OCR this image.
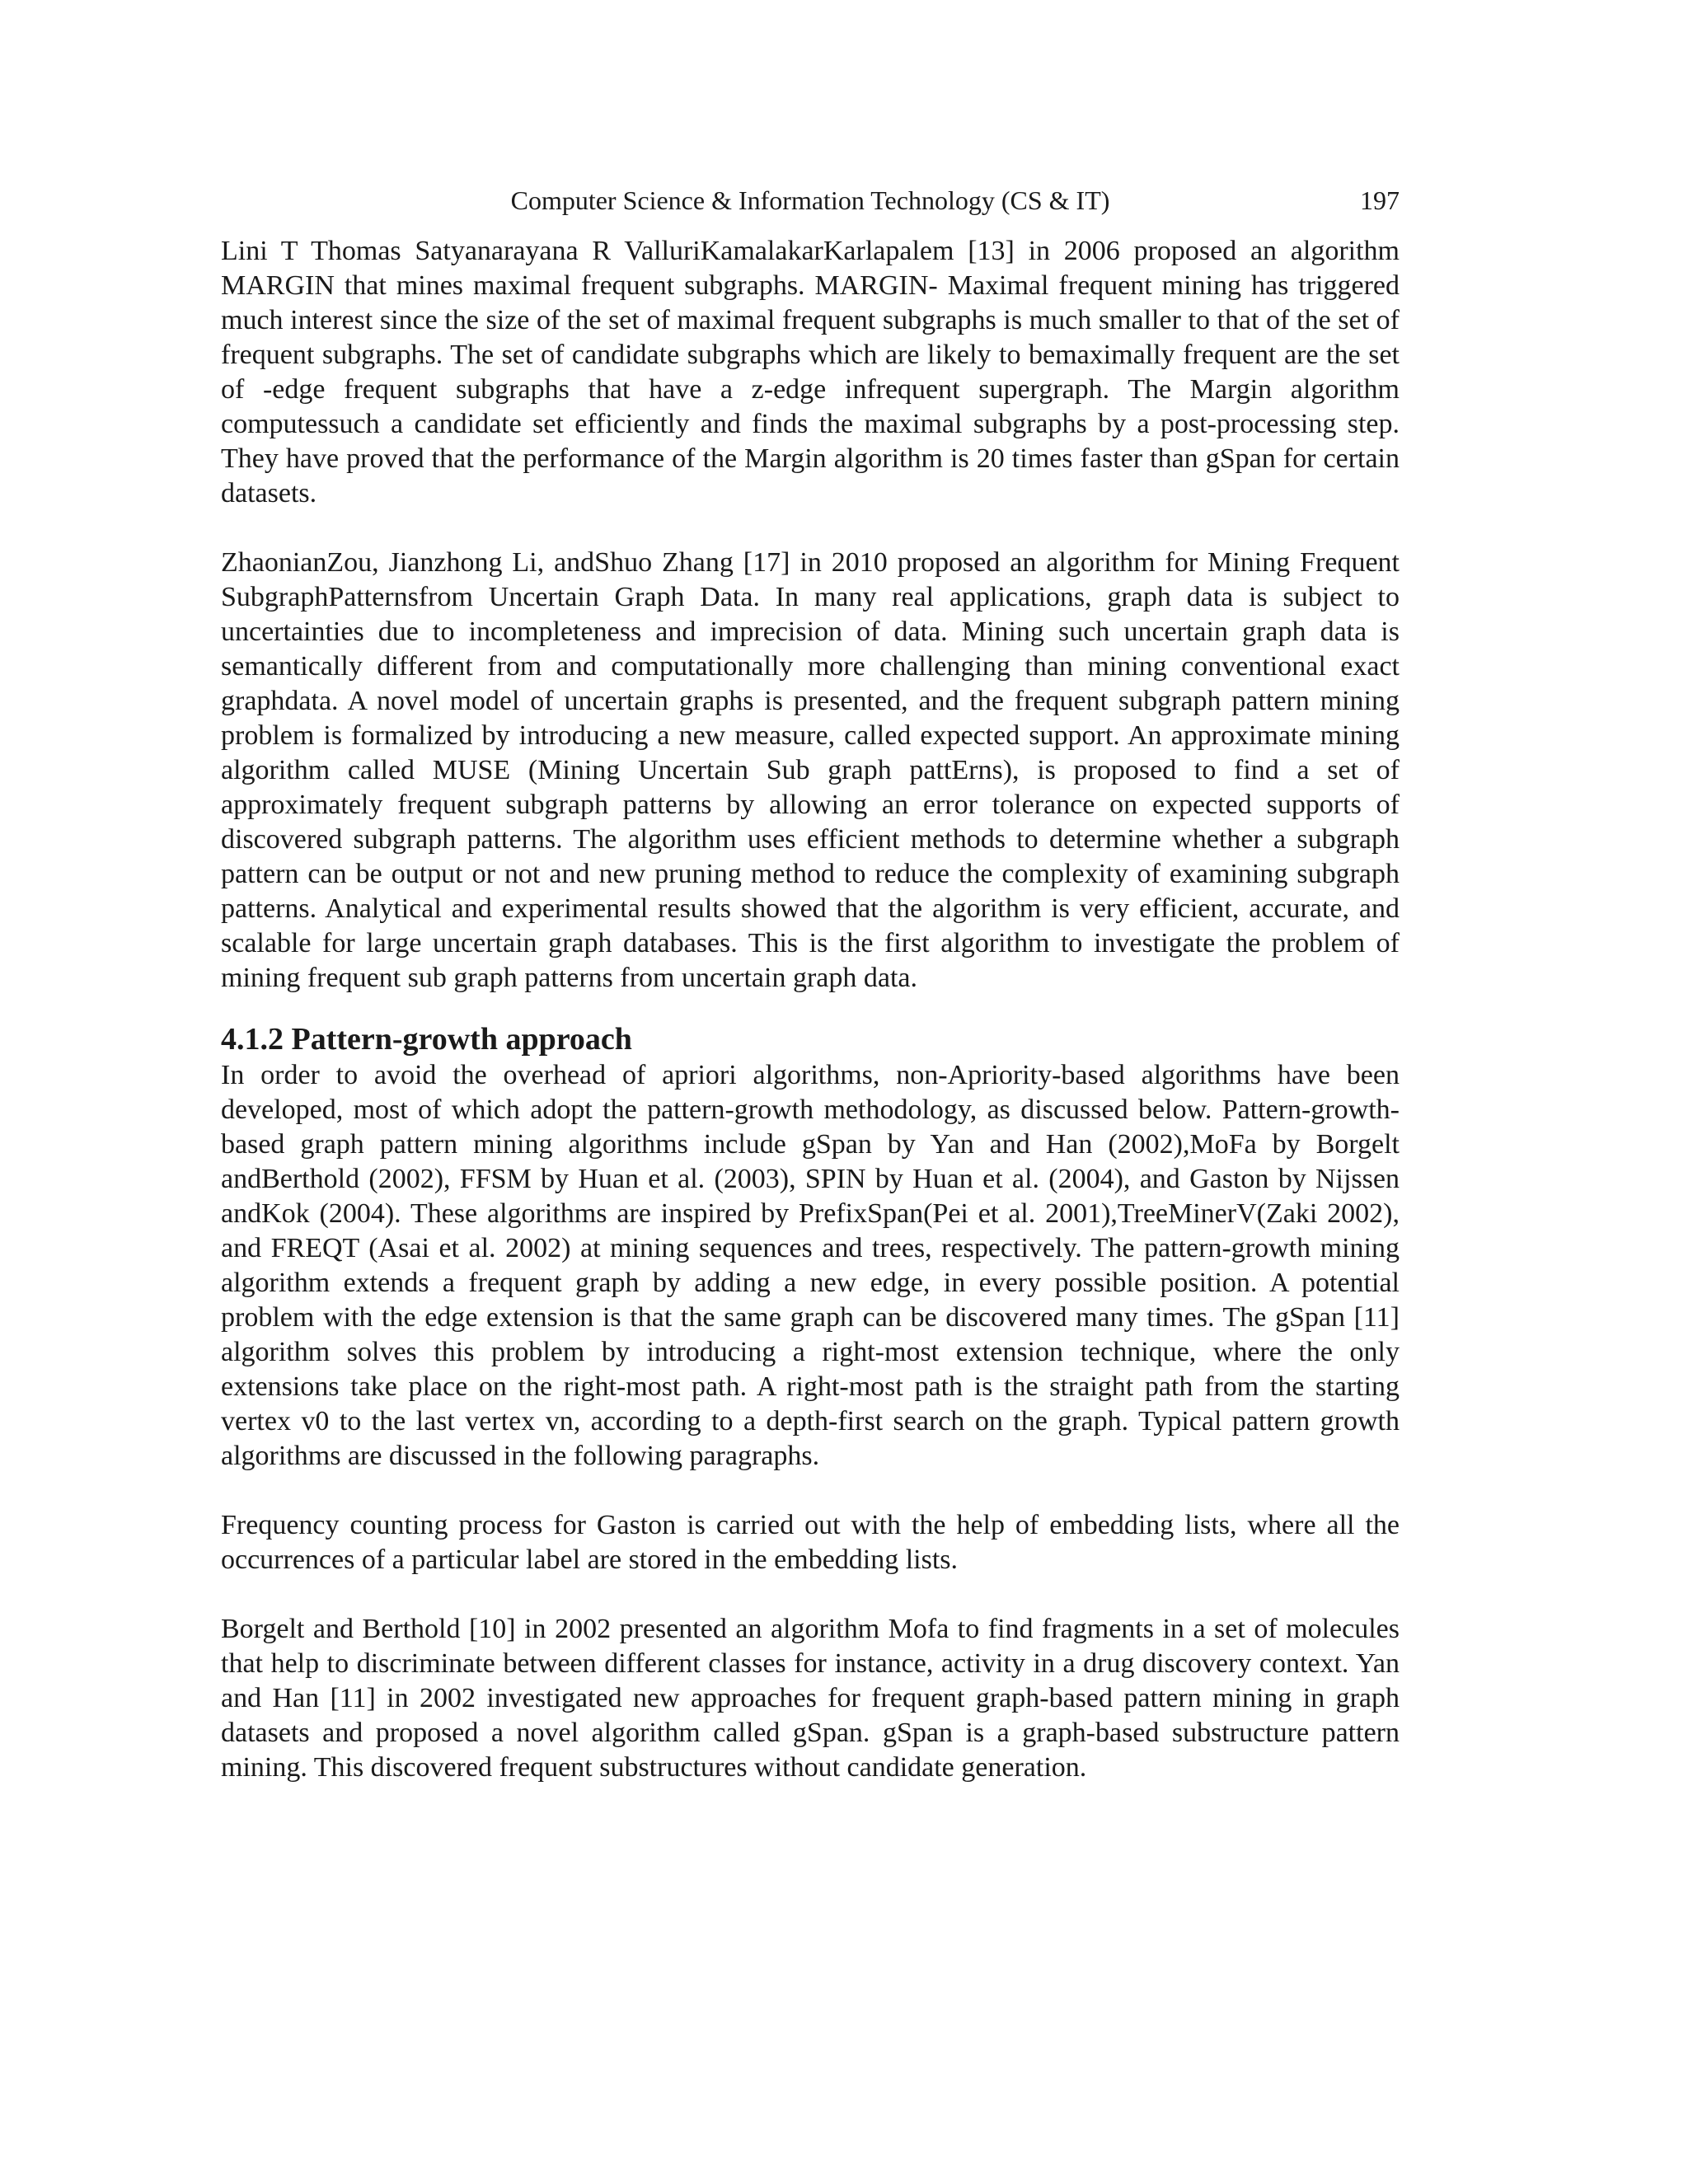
Computer Science & Information Technology (CS & IT)	197

Lini T Thomas Satyanarayana R ValluriKamalakarKarlapalem [13] in 2006 proposed an algorithm MARGIN that mines maximal frequent subgraphs. MARGIN- Maximal frequent mining has triggered much interest since the size of the set of maximal frequent subgraphs is much smaller to that of the set of frequent subgraphs. The set of candidate subgraphs which are likely to bemaximally frequent are the set of -edge frequent subgraphs that have a z-edge infrequent supergraph. The Margin algorithm computessuch a candidate set efficiently and finds the maximal subgraphs by a post-processing step. They have proved that the performance of the Margin algorithm is 20 times faster than gSpan for certain datasets.

ZhaonianZou, Jianzhong Li, andShuo Zhang [17] in 2010 proposed an algorithm for Mining Frequent SubgraphPatternsfrom Uncertain Graph Data. In many real applications, graph data is subject to uncertainties due to incompleteness and imprecision of data. Mining such uncertain graph data is semantically different from and computationally more challenging than mining conventional exact graphdata. A novel model of uncertain graphs is presented, and the frequent subgraph pattern mining problem is formalized by introducing a new measure, called expected support. An approximate mining algorithm called MUSE (Mining Uncertain Sub graph pattErns), is proposed to find a set of approximately frequent subgraph patterns by allowing an error tolerance on expected supports of discovered subgraph patterns. The algorithm uses efficient methods to determine whether a subgraph pattern can be output or not and new pruning method to reduce the complexity of examining subgraph patterns. Analytical and experimental results showed that the algorithm is very efficient, accurate, and scalable for large uncertain graph databases. This is the first algorithm to investigate the problem of mining frequent sub graph patterns from uncertain graph data.

4.1.2 Pattern-growth approach

In order to avoid the overhead of apriori algorithms, non-Apriority-based algorithms have been developed, most of which adopt the pattern-growth methodology, as discussed below. Pattern-growth-based graph pattern mining algorithms include gSpan by Yan and Han (2002),MoFa by Borgelt andBerthold (2002), FFSM by Huan et al. (2003), SPIN by Huan et al. (2004), and Gaston by Nijssen andKok (2004). These algorithms are inspired by PrefixSpan(Pei et al. 2001),TreeMinerV(Zaki 2002), and FREQT (Asai et al. 2002) at mining sequences and trees, respectively. The pattern-growth mining algorithm extends a frequent graph by adding a new edge, in every possible position. A potential problem with the edge extension is that the same graph can be discovered many times. The gSpan [11] algorithm solves this problem by introducing a right-most extension technique, where the only extensions take place on the right-most path. A right-most path is the straight path from the starting vertex v0 to the last vertex vn, according to a depth-first search on the graph. Typical pattern growth algorithms are discussed in the following paragraphs.

Frequency counting process for Gaston is carried out with the help of embedding lists, where all the occurrences of a particular label are stored in the embedding lists.

Borgelt and Berthold [10] in 2002 presented an algorithm Mofa to find fragments in a set of molecules that help to discriminate between different classes for instance, activity in a drug discovery context. Yan and Han [11] in 2002 investigated new approaches for frequent graph-based pattern mining in graph datasets and proposed a novel algorithm called gSpan. gSpan is a graph-based substructure pattern mining. This discovered frequent substructures without candidate generation.
